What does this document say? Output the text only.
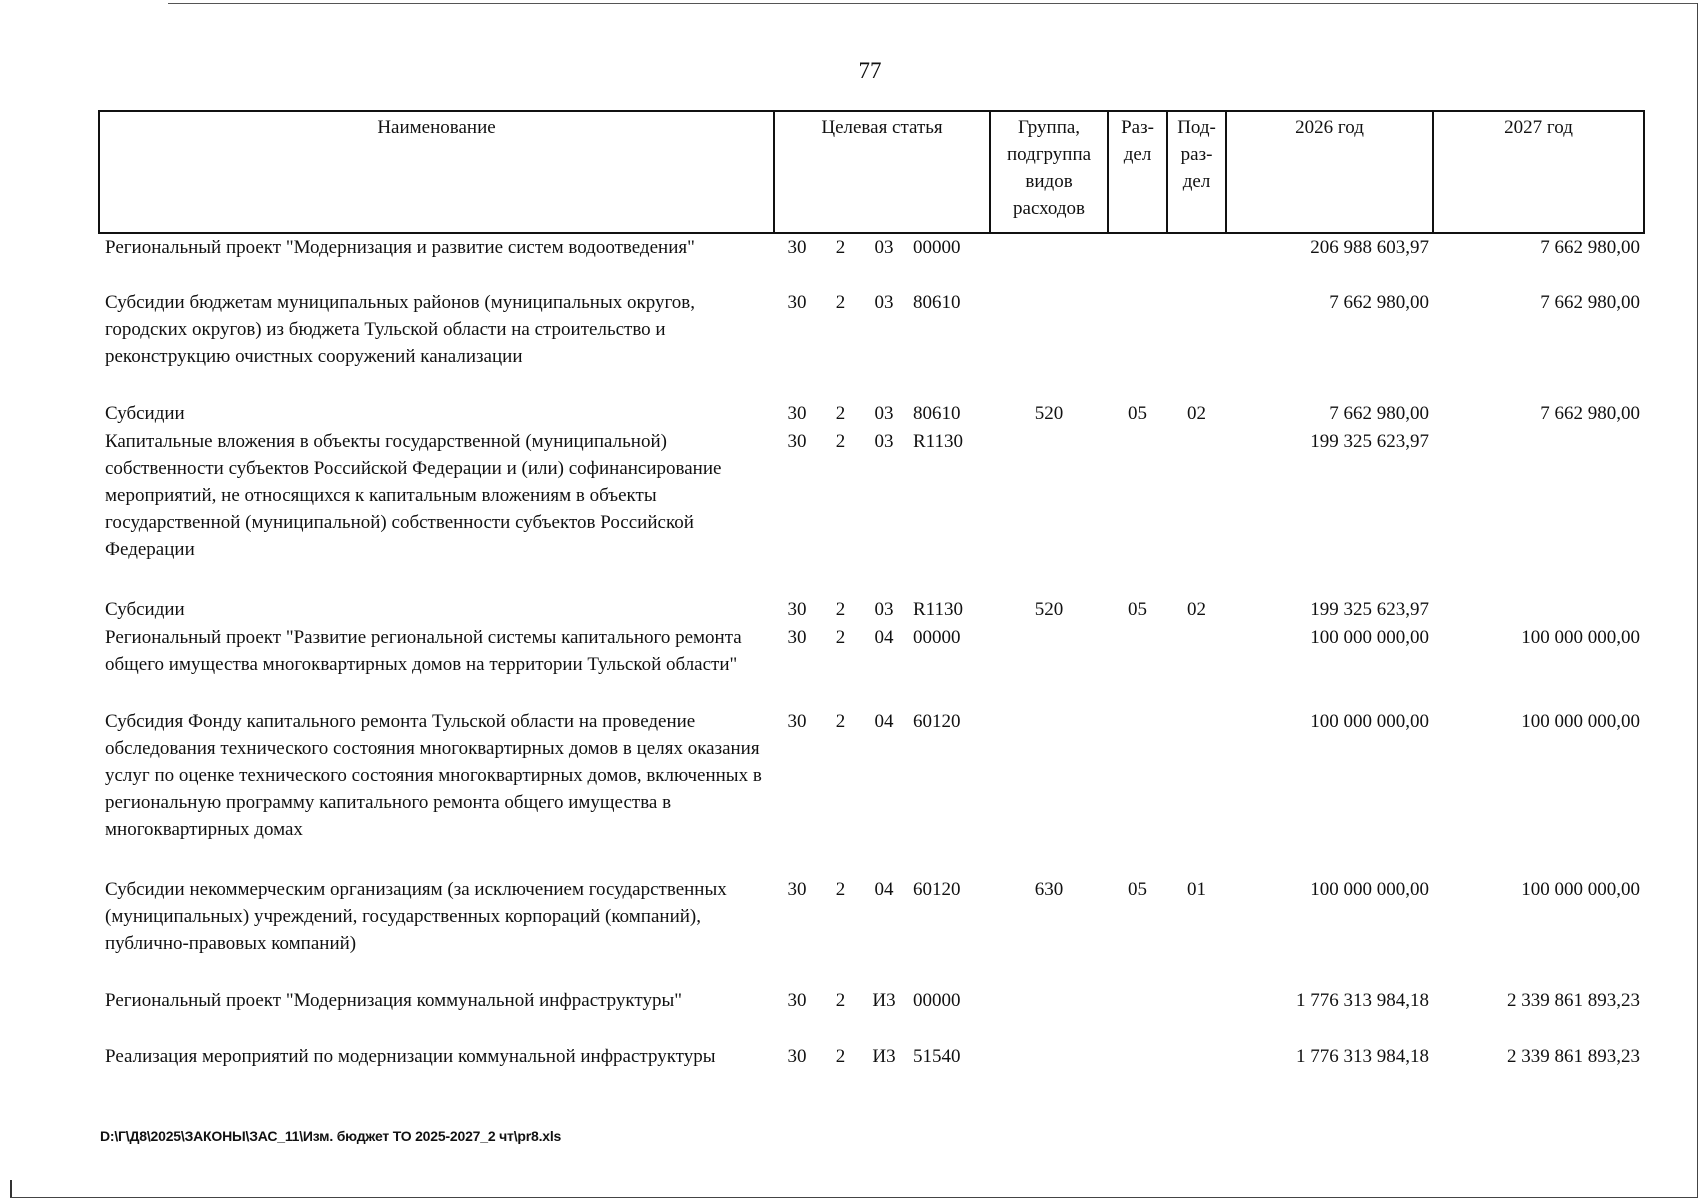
77
Наименование	Целевая статья				Группа,
подгруппа
видов
расходов	Раз-
дел	Под-
раз-
дел	2026 год	2027 год
Региональный проект "Модернизация и развитие систем водоотведения"	30	2	03	00000				206 988 603,97	7 662 980,00
Субсидии бюджетам муниципальных районов (муниципальных округов, городских округов) из бюджета Тульской области на строительство и реконструкцию очистных сооружений канализации	30	2	03	80610				7 662 980,00	7 662 980,00
Субсидии	30	2	03	80610	520	05	02	7 662 980,00	7 662 980,00
Капитальные вложения в объекты государственной (муниципальной) собственности субъектов Российской Федерации и (или) софинансирование мероприятий, не относящихся к капитальным вложениям в объекты государственной (муниципальной) собственности субъектов Российской Федерации	30	2	03	R1130				199 325 623,97	
Субсидии	30	2	03	R1130	520	05	02	199 325 623,97	
Региональный проект "Развитие региональной системы капитального ремонта общего имущества многоквартирных домов на территории Тульской области"	30	2	04	00000				100 000 000,00	100 000 000,00
Субсидия Фонду капитального ремонта Тульской области на проведение обследования технического состояния многоквартирных домов в целях оказания услуг по оценке технического состояния многоквартирных домов, включенных в региональную программу капитального ремонта общего имущества в многоквартирных домах	30	2	04	60120				100 000 000,00	100 000 000,00
Субсидии некоммерческим организациям (за исключением государственных (муниципальных) учреждений, государственных корпораций (компаний), публично-правовых компаний)	30	2	04	60120	630	05	01	100 000 000,00	100 000 000,00
Региональный проект "Модернизация коммунальной инфраструктуры"	30	2	И3	00000				1 776 313 984,18	2 339 861 893,23
Реализация мероприятий по модернизации коммунальной инфраструктуры	30	2	И3	51540				1 776 313 984,18	2 339 861 893,23
D:\Г\Д8\2025\ЗАКОНЫ\ЗАС_11\Изм. бюджет ТО 2025-2027_2 чт\pr8.xls
